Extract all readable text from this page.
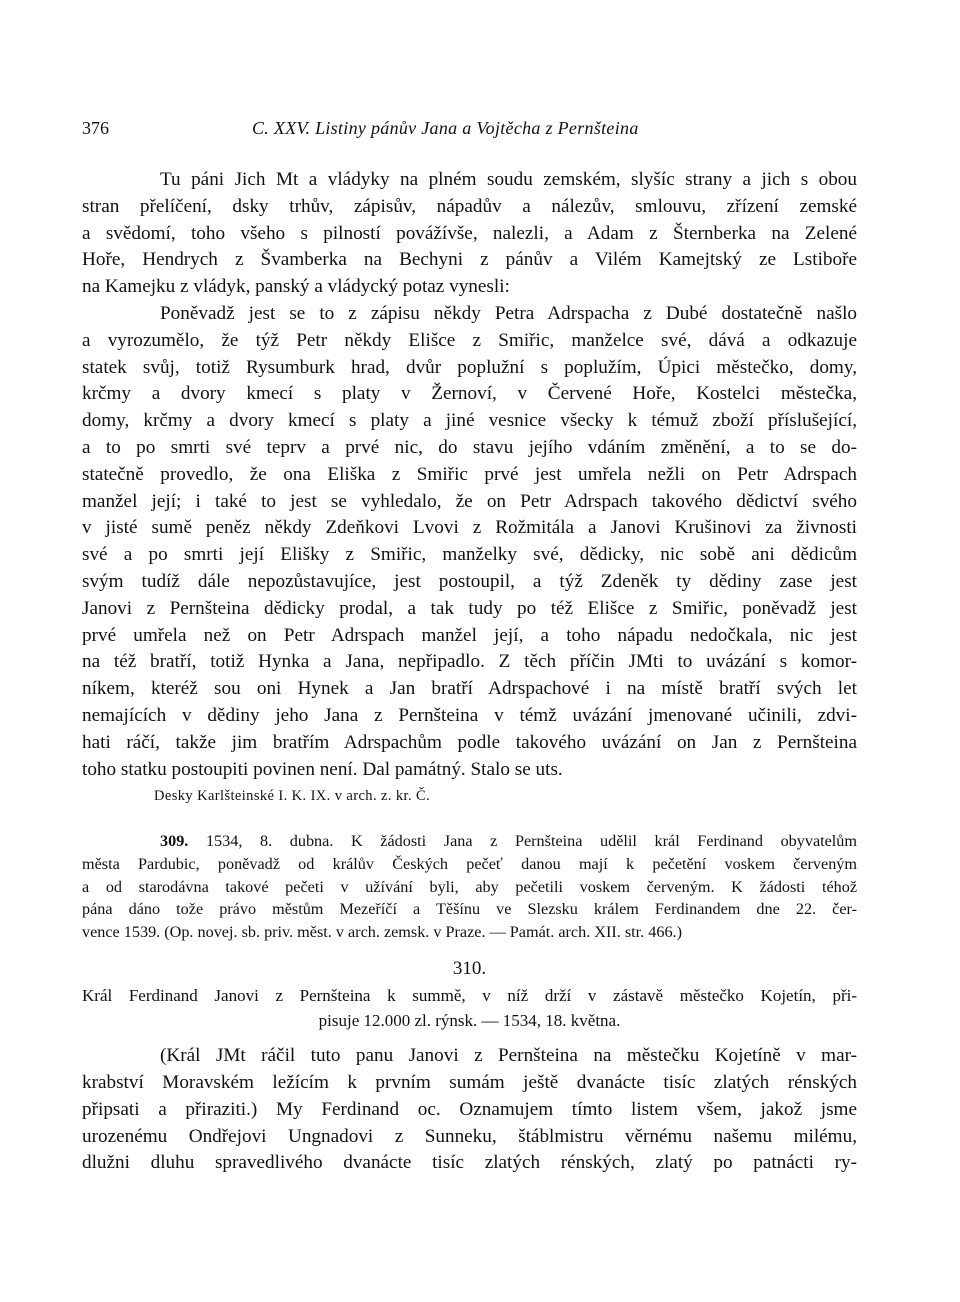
376	C. XXV. Listiny pánův Jana a Vojtěcha z Pernšteina
Tu páni Jich Mt a vládyky na plném soudu zemském, slyšíc strany a jich s obou
stran přelíčení, dsky trhův, zápisův, nápadův a nálezův, smlouvu, zřízení zemské
a svědomí, toho všeho s pilností povážívše, nalezli, a Adam z Šternberka na Zelené
Hoře, Hendrych z Švamberka na Bechyni z pánův a Vilém Kamejtský ze Lstiboře
na Kamejku z vládyk, panský a vládycký potaz vynesli:
Poněvadž jest se to z zápisu někdy Petra Adrspacha z Dubé dostatečně našlo
a vyrozumělo, že týž Petr někdy Elišce z Smiřic, manželce své, dává a odkazuje
statek svůj, totiž Rysumburk hrad, dvůr poplužní s poplužím, Úpici městečko, domy,
krčmy a dvory kmecí s platy v Žernoví, v Červené Hoře, Kostelci městečka,
domy, krčmy a dvory kmecí s platy a jiné vesnice všecky k témuž zboží příslušející,
a to po smrti své teprv a prvé nic, do stavu jejího vdáním změnění, a to se do-
statečně provedlo, že ona Eliška z Smiřic prvé jest umřela nežli on Petr Adrspach
manžel její; i také to jest se vyhledalo, že on Petr Adrspach takového dědictví svého
v jisté sumě peněz někdy Zdeňkovi Lvovi z Rožmitála a Janovi Krušinovi za živnosti
své a po smrti její Elišky z Smiřic, manželky své, dědicky, nic sobě ani dědicům
svým tudíž dále nepozůstavujíce, jest postoupil, a týž Zdeněk ty dědiny zase jest
Janovi z Pernšteina dědicky prodal, a tak tudy po též Elišce z Smiřic, poněvadž jest
prvé umřela než on Petr Adrspach manžel její, a toho nápadu nedočkala, nic jest
na též bratří, totiž Hynka a Jana, nepřipadlo. Z těch příčin JMti to uvázání s komor-
níkem, kteréž sou oni Hynek a Jan bratří Adrspachové i na místě bratří svých let
nemajících v dědiny jeho Jana z Pernšteina v témž uvázání jmenované učinili, zdvi-
hati ráčí, takže jim bratřím Adrspachům podle takového uvázání on Jan z Pernšteina
toho statku postoupiti povinen není. Dal památný. Stalo se uts.
Desky Karlšteinské I. K. IX. v arch. z. kr. Č.
309. 1534, 8. dubna. K žádosti Jana z Pernšteina udělil král Ferdinand obyvatelům
města Pardubic, poněvadž od králův Českých pečeť danou mají k pečetění voskem červeným
a od starodávna takové pečeti v užívání byli, aby pečetili voskem červeným. K žádosti téhož
pána dáno tože právo městům Mezeříčí a Těšínu ve Slezsku králem Ferdinandem dne 22. čer-
vence 1539. (Op. novej. sb. priv. měst. v arch. zemsk. v Praze. — Památ. arch. XII. str. 466.)
310.
Král Ferdinand Janovi z Pernšteina k summě, v níž drží v zástavě městečko Kojetín, při-
pisuje 12.000 zl. rýnsk. — 1534, 18. května.
(Král JMt ráčil tuto panu Janovi z Pernšteina na městečku Kojetíně v mar-
krabství Moravském ležícím k prvním sumám ještě dvanácte tisíc zlatých rénských
připsati a přiraziti.) My Ferdinand oc. Oznamujem tímto listem všem, jakož jsme
urozenému Ondřejovi Ungnadovi z Sunneku, štáblmistru věrnému našemu milému,
dlužni dluhu spravedlivého dvanácte tisíc zlatých rénských, zlatý po patnácti ry-
